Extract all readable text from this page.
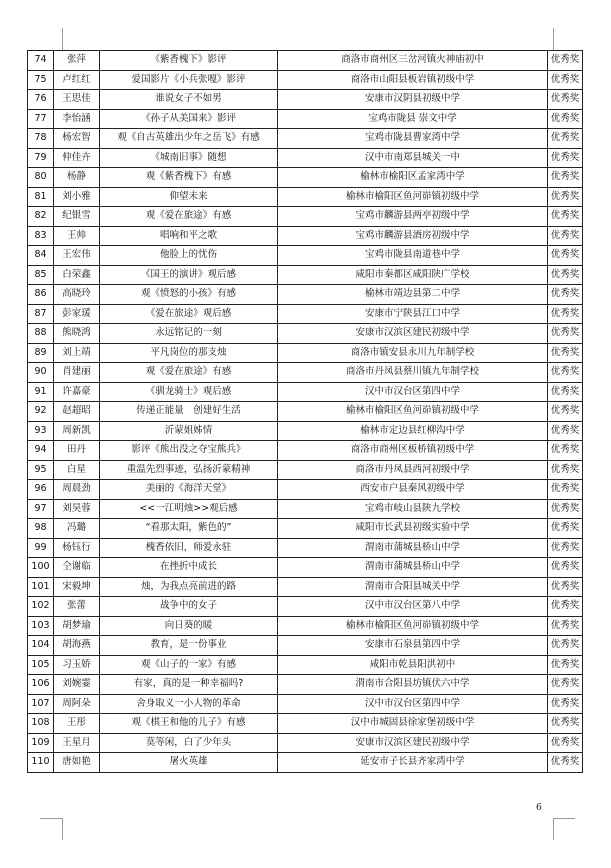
74	张萍	《紫香槐下》影评	商洛市商州区三岔河镇火神庙初中	优秀奖
75	卢红红	爱国影片《小兵张嘎》影评	商洛市山阳县板岩镇初级中学	优秀奖
76	王思佳	谁说女子不如男	安康市汉阴县初级中学	优秀奖
77	李怡涵	《孙子从美国来》影评	宝鸡市陇县 崇文中学	优秀奖
78	杨宏智	观《自古英雄出少年之岳飞》有感	宝鸡市陇县曹家湾中学	优秀奖
79	仲佳卉	《城南旧事》随想	汉中市南郑县城关一中	优秀奖
80	杨静	观《紫香槐下》有感	榆林市榆阳区孟家湾中学	优秀奖
81	刘小雅	仰望未来	榆林市榆阳区鱼河峁镇初级中学	优秀奖
82	纪银雪	观《爱在旅途》有感	宝鸡市麟游县两亭初级中学	优秀奖
83	王帅	唱响和平之歌	宝鸡市麟游县酒房初级中学	优秀奖
84	王宏伟	他脸上的忧伤	宝鸡市陇县南道巷中学	优秀奖
85	白荣鑫	《国王的演讲》观后感	咸阳市秦都区咸阳陕广学校	优秀奖
86	高晓玲	观《愤怒的小孩》有感	榆林市靖边县第二中学	优秀奖
87	彭家瑗	《爱在旅途》观后感	安康市宁陕县江口中学	优秀奖
88	熊晓鸿	永远铭记的一刻	安康市汉滨区建民初级中学	优秀奖
89	刘上靖	平凡岗位的那支烛	商洛市镇安县永川九年制学校	优秀奖
90	肖建丽	观《爱在旅途》有感	商洛市丹凤县蔡川镇九年制学校	优秀奖
91	许嘉豪	《驯龙骑士》观后感	汉中市汉台区第四中学	优秀奖
92	赵超昭	传递正能量　创建好生活	榆林市榆阳区鱼河峁镇初级中学	优秀奖
93	周新凯	沂蒙姐姊情	榆林市定边县红柳沟中学	优秀奖
94	田丹	影评《熊出没之夺宝熊兵》	商洛市商州区板桥镇初级中学	优秀奖
95	白星	重温先烈事迹，弘扬沂蒙精神	商洛市丹凤县西河初级中学	优秀奖
96	周晨劲	美丽的《海洋天堂》	西安市户县秦风初级中学	优秀奖
97	刘昊蓉	<<一江明烛>>观后感	宝鸡市岐山县陕九学校	优秀奖
98	冯璐	“看那太阳，紫色的”	咸阳市长武县初级实验中学	优秀奖
99	杨钰行	槐香依旧，师爱永驻	渭南市蒲城县桥山中学	优秀奖
100	仝谢临	在挫折中成长	渭南市蒲城县桥山中学	优秀奖
101	宋毅坤	烛，为我点亮前进的路	渭南市合阳县城关中学	优秀奖
102	张蕾	战争中的女子	汉中市汉台区第八中学	优秀奖
103	胡梦瑜	向日葵的暖	榆林市榆阳区鱼河峁镇初级中学	优秀奖
104	胡海燕	教育，是一份事业	安康市石泉县第四中学	优秀奖
105	习玉娇	观《山子的一家》有感	咸阳市乾县阳洪初中	优秀奖
106	刘婉霎	有家，真的是一种幸福吗?	渭南市合阳县坊镇伏六中学	优秀奖
107	周阿朵	舍身取义一小人物的革命	汉中市汉台区第四中学	优秀奖
108	王彤	观《棋王和他的儿子》有感	汉中市城固县徐家堡初级中学	优秀奖
109	王星月	莫等闲，白了少年头	安康市汉滨区建民初级中学	优秀奖
110	唐如艳	屠火英雄	延安市子长县齐家湾中学	优秀奖
6
